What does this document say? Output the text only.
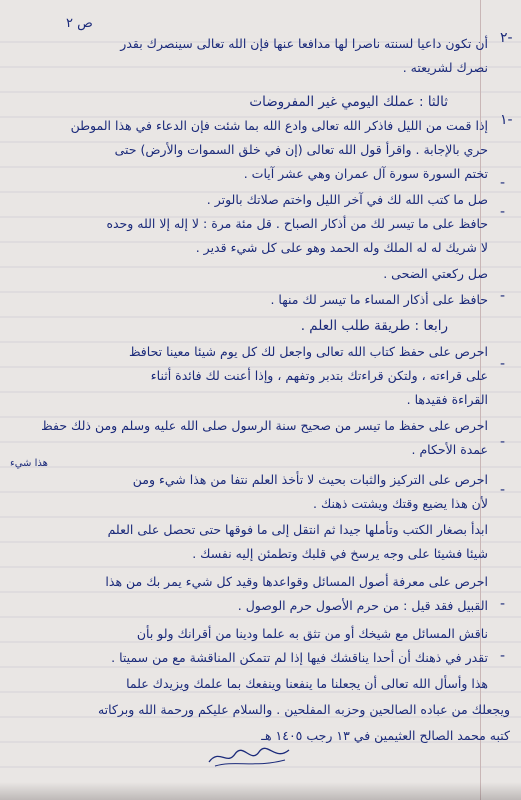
ص ٢
٢-
١-
-
-
-
-
-
-
-
-
أن تكون داعيا لسنته ناصرا لها مدافعا عنها فإن الله تعالى سينصرك بقدر
نصرك لشريعته .
ثالثا : عملك اليومي غير المفروضات
إذا قمت من الليل فاذكر الله تعالى وادع الله بما شئت فإن الدعاء في هذا الموطن
حري بالإجابة . واقرأ قول الله تعالى (إن في خلق السموات والأرض) حتى
تختم السورة سورة آل عمران وهي عشر آيات .
صل ما كتب الله لك في آخر الليل واختم صلاتك بالوتر .
حافظ على ما تيسر لك من أذكار الصباح . قل مئة مرة : لا إله إلا الله وحده
لا شريك له له الملك وله الحمد وهو على كل شيء قدير .
صل ركعتي الضحى .
حافظ على أذكار المساء ما تيسر لك منها .
رابعا : طريقة طلب العلم .
احرص على حفظ كتاب الله تعالى واجعل لك كل يوم شيئا معينا تحافظ
على قراءته ، ولتكن قراءتك بتدبر وتفهم ، وإذا أعنت لك فائدة أثناء
القراءة فقيدها .
احرص على حفظ ما تيسر من صحيح سنة الرسول صلى الله عليه وسلم ومن ذلك حفظ
عمدة الأحكام .
احرص على التركيز والثبات بحيث لا تأخذ العلم نتفا من هذا شيء ومن
هذا شيء
لأن هذا يضيع وقتك ويشتت ذهنك .
ابدأ بصغار الكتب وتأملها جيدا ثم انتقل إلى ما فوقها حتى تحصل على العلم
شيئا فشيئا على وجه يرسخ في قلبك وتطمئن إليه نفسك .
احرص على معرفة أصول المسائل وقواعدها وقيد كل شيء يمر بك من هذا
القبيل فقد قيل : من حرم الأصول حرم الوصول .
ناقش المسائل مع شيخك أو من تثق به علما ودينا من أقرانك ولو بأن
تقدر في ذهنك أن أحدا يناقشك فيها إذا لم تتمكن المناقشة مع من سميتا .
هذا وأسأل الله تعالى أن يجعلنا ما ينفعنا وينفعك بما علمك ويزيدك علما
ويجعلك من عباده الصالحين وحزبه المفلحين . والسلام عليكم ورحمة الله وبركاته
كتبه محمد الصالح العثيمين في ١٣ رجب ١٤٠٥ هـ
